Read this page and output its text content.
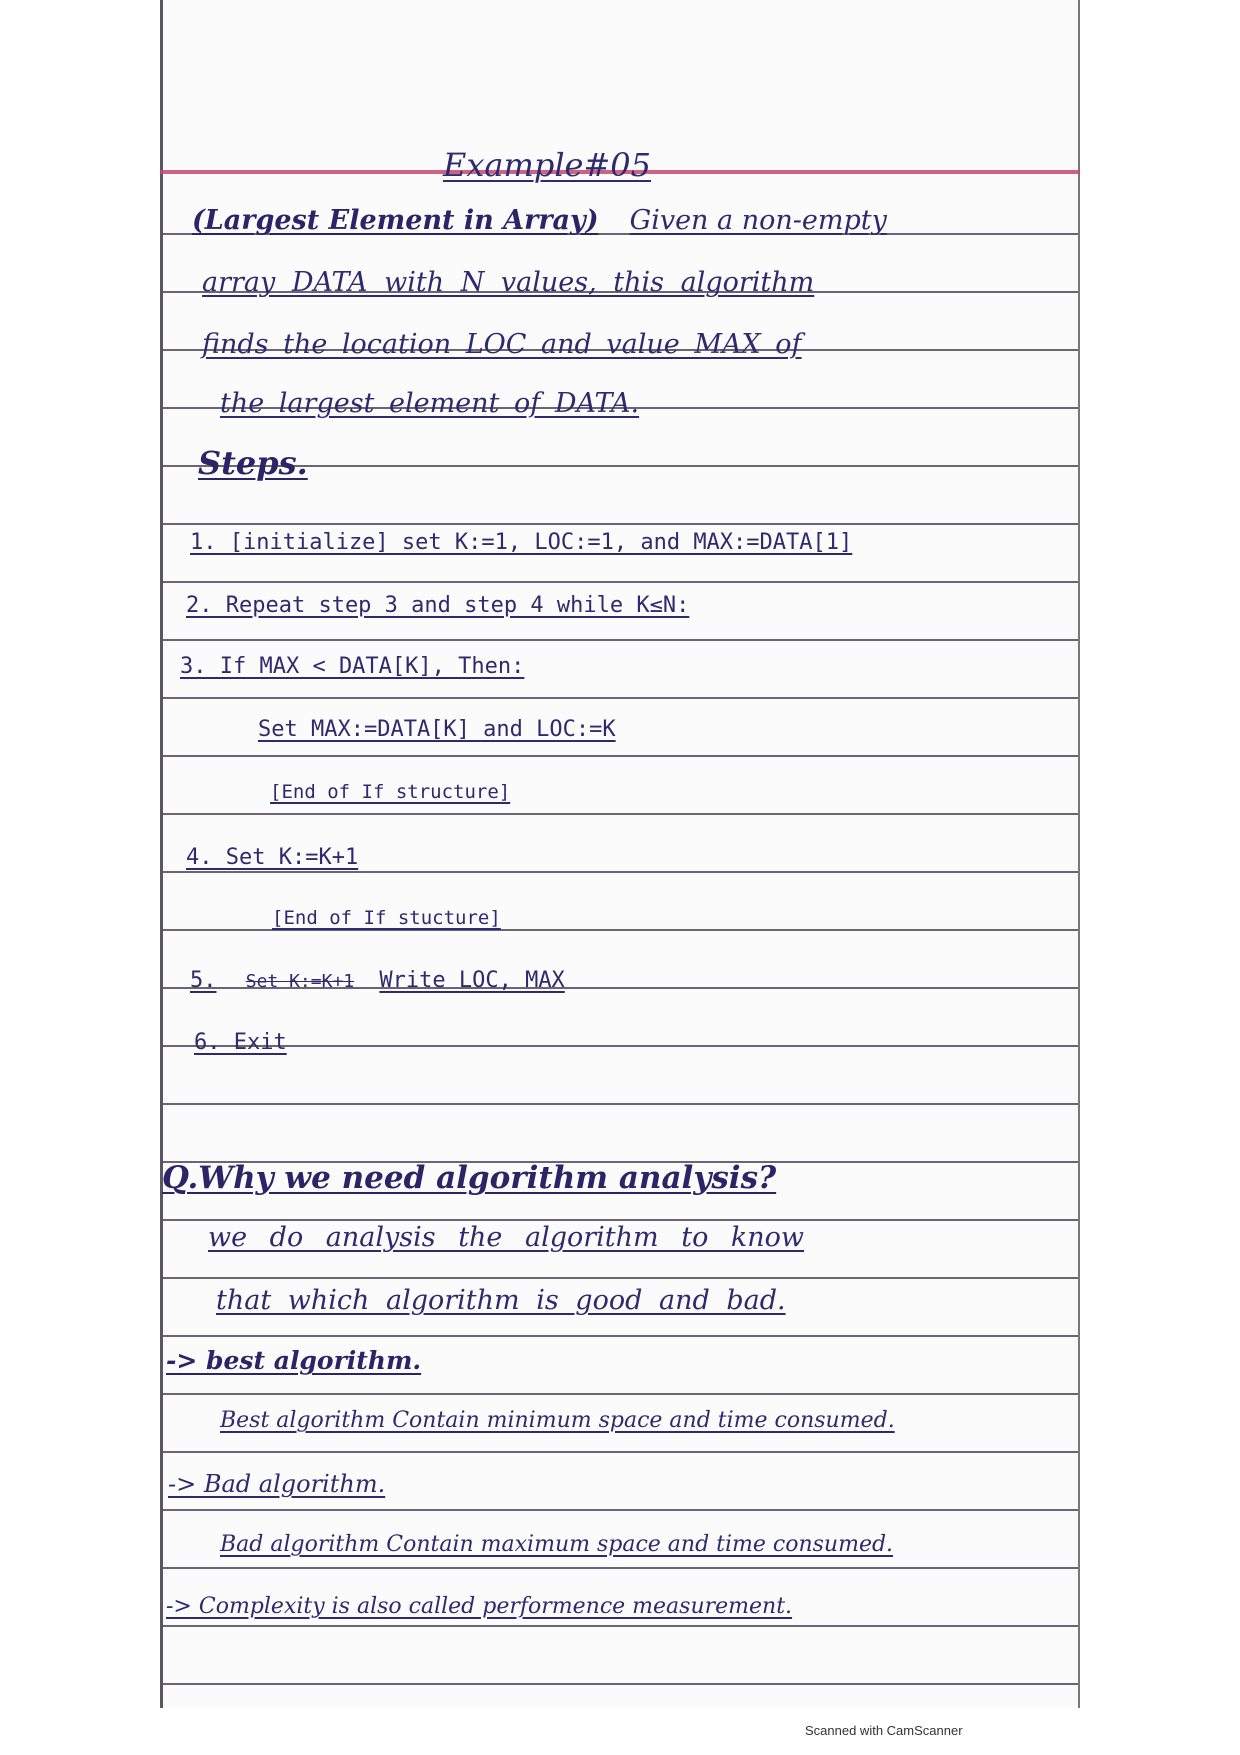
Example#05
(Largest Element in Array) Given a non-empty
array DATA with N values, this algorithm
finds the location LOC and value MAX of
the largest element of DATA.
Steps.
1. [initialize] set K:=1, LOC:=1, and MAX:=DATA[1]
2. Repeat step 3 and step 4 while K≤N:
3. If MAX < DATA[K], Then:
Set MAX:=DATA[K] and LOC:=K
[End of If structure]
4. Set K:=K+1
[End of If stucture]
5. Set K:=K+1 Write LOC, MAX
6. Exit
Q.Why we need algorithm analysis?
we do analysis the algorithm to know
that which algorithm is good and bad.
-> best algorithm.
Best algorithm Contain minimum space and time consumed.
-> Bad algorithm.
Bad algorithm Contain maximum space and time consumed.
-> Complexity is also called performence measurement.
Scanned with CamScanner
